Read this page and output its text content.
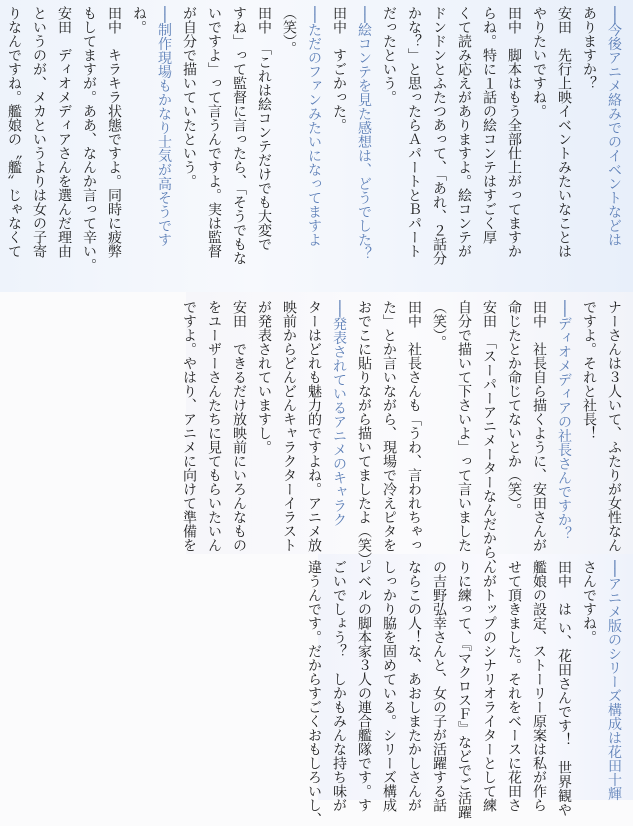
──今後アニメ絡みでのイベントなどは
ありますか？
安田　先行上映イベントみたいなことは
やりたいですね。
田中　脚本はもう全部仕上がってますか
らね。特に１話の絵コンテはすごく厚
くて読み応えがありますよ。絵コンテが
ドンドンとふたつあって、「あれ、２話分
かな？」と思ったらＡパートとＢパート
だったという。
──絵コンテを見た感想は、どうでした？
田中　すごかった。
──ただのファンみたいになってますよ
（笑）。
田中　「これは絵コンテだけでも大変で
すね」って監督に言ったら、「そうでもな
いですよ」って言うんですよ。実は監督
が自分で描いていたという。
──制作現場もかなり士気が高そうです
ね。
田中　キラキラ状態ですよ。同時に疲弊
もしてますが。ああ、なんか言って辛い。
安田　ディオメディアさんを選んだ理由
というのが、メカというよりは女の子寄
りなんですね。艦娘の〝艦〟じゃなくて
ナーさんは３人いて、ふたりが女性なん
ですよ。それと社長！
──ディオメディアの社長さんですか？
田中　社長自ら描くように、安田さんが
命じたとか命じてないとか（笑）。
安田　「スーパーアニメーターなんだから、
自分で描いて下さいよ」って言いました
（笑）。
田中　社長さんも「うわ、言われちゃっ
た」とか言いながら、現場で冷えピタを
おでこに貼りながら描いてましたよ（笑）。
──発表されているアニメのキャラク
ターはどれも魅力的ですよね。アニメ放
映前からどんどんキャラクターイラスト
が発表されていますし。
安田　できるだけ放映前にいろんなもの
をユーザーさんたちに見てもらいたいん
ですよ。やはり、アニメに向けて準備を
──アニメ版のシリーズ構成は花田十輝
さんですね。
田中　は い、花田さんです！　世界観や
艦娘の設定、ストーリー原案は私が作ら
せて頂きました。それをベースに花田さ
んがトップのシナリオライターとして練
りに練って、『マクロスＦ』などでご活躍
の吉野弘幸さんと、女の子が活躍する話
ならこの人！な、あおしまたかしさんが
しっかり脇を固めている。シリーズ構成
レベルの脚本家３人の連合艦隊です。す
ごいでしょう？　しかもみんな持ち味が
違うんです。だからすごくおもしろいし、
